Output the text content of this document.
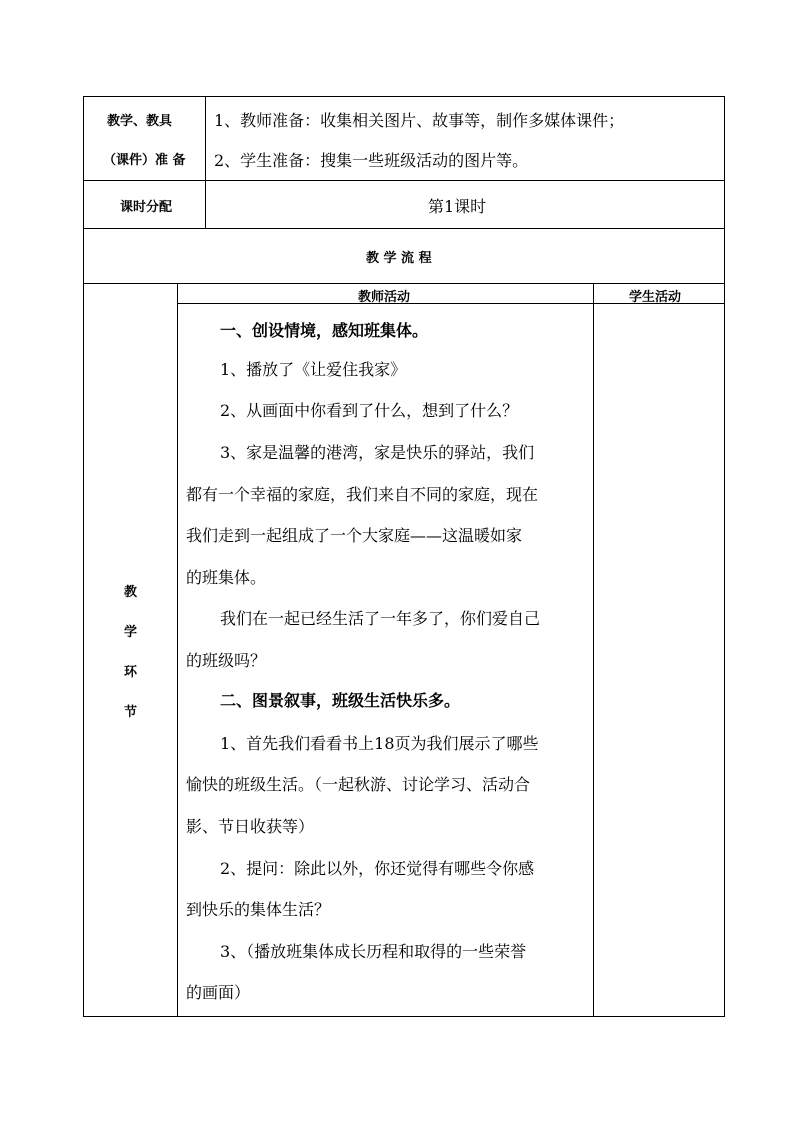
教学、教具
（课件）准 备
1、教师准备：收集相关图片、故事等，制作多媒体课件；
2、学生准备：搜集一些班级活动的图片等。
课时分配	第1课时
教 学 流 程
教师活动	学生活动
教
学
环
节
一、创设情境，感知班集体。
1、播放了《让爱住我家》
2、从画面中你看到了什么，想到了什么？
3、家是温馨的港湾，家是快乐的驿站，我们
都有一个幸福的家庭，我们来自不同的家庭，现在
我们走到一起组成了一个大家庭——这温暖如家
的班集体。
我们在一起已经生活了一年多了，你们爱自己
的班级吗？
二、图景叙事，班级生活快乐多。
1、首先我们看看书上18页为我们展示了哪些
愉快的班级生活。（一起秋游、讨论学习、活动合
影、节日收获等）
2、提问：除此以外，你还觉得有哪些令你感
到快乐的集体生活？
3、（播放班集体成长历程和取得的一些荣誉
的画面）
